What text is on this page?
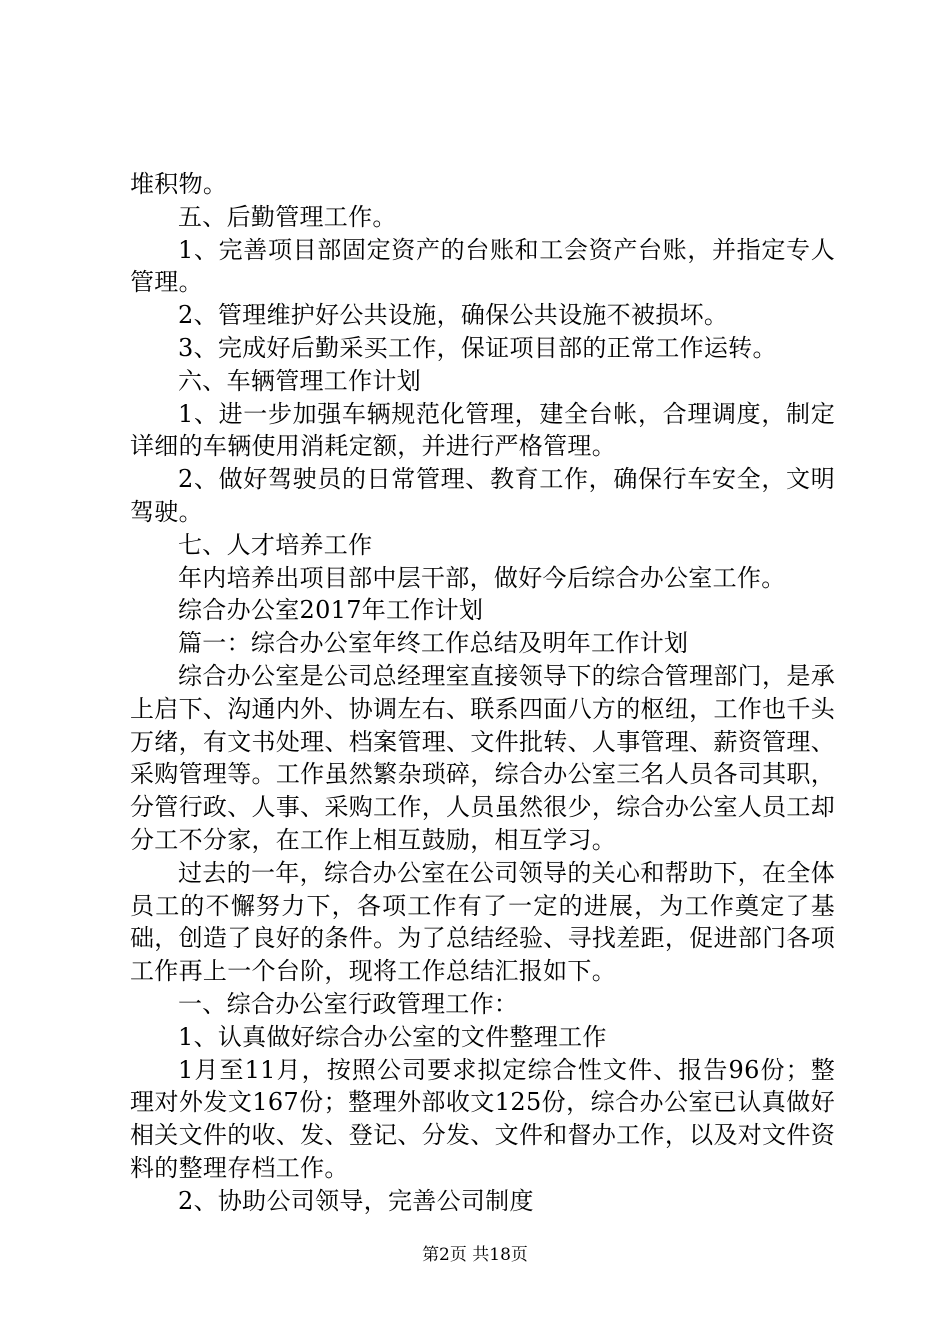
堆积物。

五、后勤管理工作。

1、完善项目部固定资产的台账和工会资产台账，并指定专人管理。

2、管理维护好公共设施，确保公共设施不被损坏。

3、完成好后勤采买工作，保证项目部的正常工作运转。

六、车辆管理工作计划

1、进一步加强车辆规范化管理，建全台帐，合理调度，制定详细的车辆使用消耗定额，并进行严格管理。

2、做好驾驶员的日常管理、教育工作，确保行车安全，文明驾驶。

七、人才培养工作

年内培养出项目部中层干部，做好今后综合办公室工作。

综合办公室2017年工作计划

篇一：综合办公室年终工作总结及明年工作计划

综合办公室是公司总经理室直接领导下的综合管理部门，是承上启下、沟通内外、协调左右、联系四面八方的枢纽，工作也千头万绪，有文书处理、档案管理、文件批转、人事管理、薪资管理、采购管理等。工作虽然繁杂琐碎，综合办公室三名人员各司其职，分管行政、人事、采购工作，人员虽然很少，综合办公室人员工却分工不分家，在工作上相互鼓励，相互学习。

过去的一年，综合办公室在公司领导的关心和帮助下，在全体员工的不懈努力下，各项工作有了一定的进展，为工作奠定了基础，创造了良好的条件。为了总结经验、寻找差距，促进部门各项工作再上一个台阶，现将工作总结汇报如下。

一、综合办公室行政管理工作：

1、认真做好综合办公室的文件整理工作

1月至11月，按照公司要求拟定综合性文件、报告96份；整理对外发文167份；整理外部收文125份，综合办公室已认真做好相关文件的收、发、登记、分发、文件和督办工作，以及对文件资料的整理存档工作。

2、协助公司领导，完善公司制度

第2页 共18页
